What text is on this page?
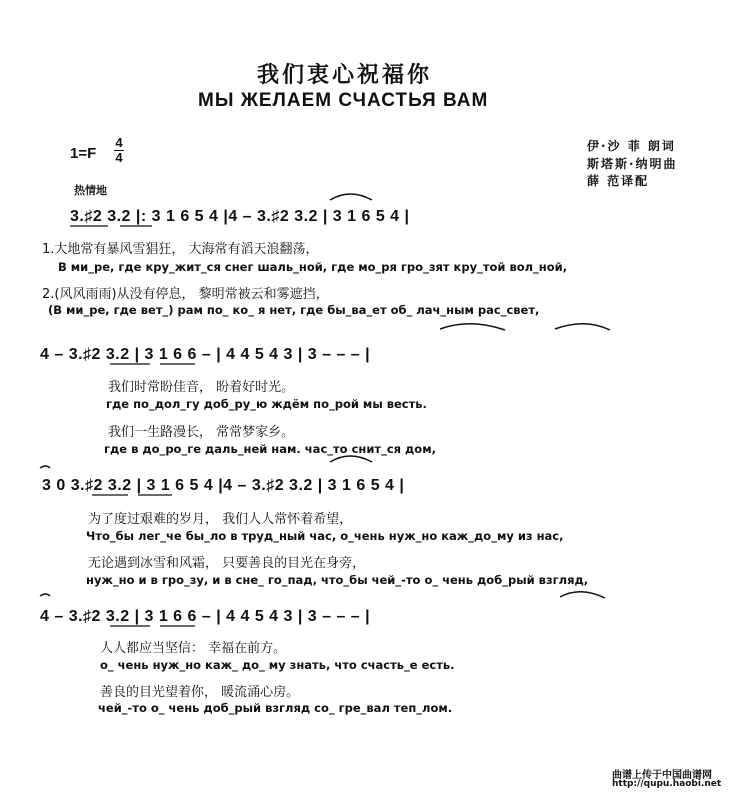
我们衷心祝福你
МЫ ЖЕЛАЕМ СЧАСТЬЯ ВАМ
1=F
4
4
热情地
伊·沙 菲 朗词
斯塔斯·纳明曲
薛 范译配
3.♯2 3.2 |: 3 1 6 5 4 |4 – 3.♯2 3.2 | 3 1 6 5 4 |
1.大地常有暴风雪猖狂， 大海常有滔天浪翻荡，
В ми_ре, где кру_жит_ся снег шаль_ной, где мо_ря гро_зят кру_той вол_ной,
2.(风风雨雨)从没有停息， 黎明常被云和雾遮挡，
(В ми_ре, где вет_) рам по_ ко_ я нет, где бы_ва_ет об_ лач_ным рас_свет,
4 – 3.♯2 3.2 | 3 1 6 6 – | 4 4 5 4 3 | 3 – – – |
我们时常盼佳音， 盼着好时光。
где по_дол_гу доб_ру_ю ждём по_рой мы весть.
我们一生路漫长， 常常梦家乡。
где в до_ро_ге даль_ней нам. час_то снит_ся дом,
3 0 3.♯2 3.2 | 3 1 6 5 4 |4 – 3.♯2 3.2 | 3 1 6 5 4 |
为了度过艰难的岁月， 我们人人常怀着希望，
Что_бы лег_че бы_ло в труд_ный час, о_чень нуж_но каж_до_му из нас,
无论遇到冰雪和风霜， 只要善良的目光在身旁，
нуж_но и в гро_зу, и в сне_ го_пад, что_бы чей_-то о_ чень доб_рый взгляд,
4 – 3.♯2 3.2 | 3 1 6 6 – | 4 4 5 4 3 | 3 – – – |
人人都应当坚信： 幸福在前方。
о_ чень нуж_но каж_ до_ му знать, что счасть_е есть.
善良的目光望着你， 暖流涌心房。
чей_-то о_ чень доб_рый взгляд со_ гре_вал теп_лом.
曲谱上传于中国曲谱网
http://qupu.haobi.net
